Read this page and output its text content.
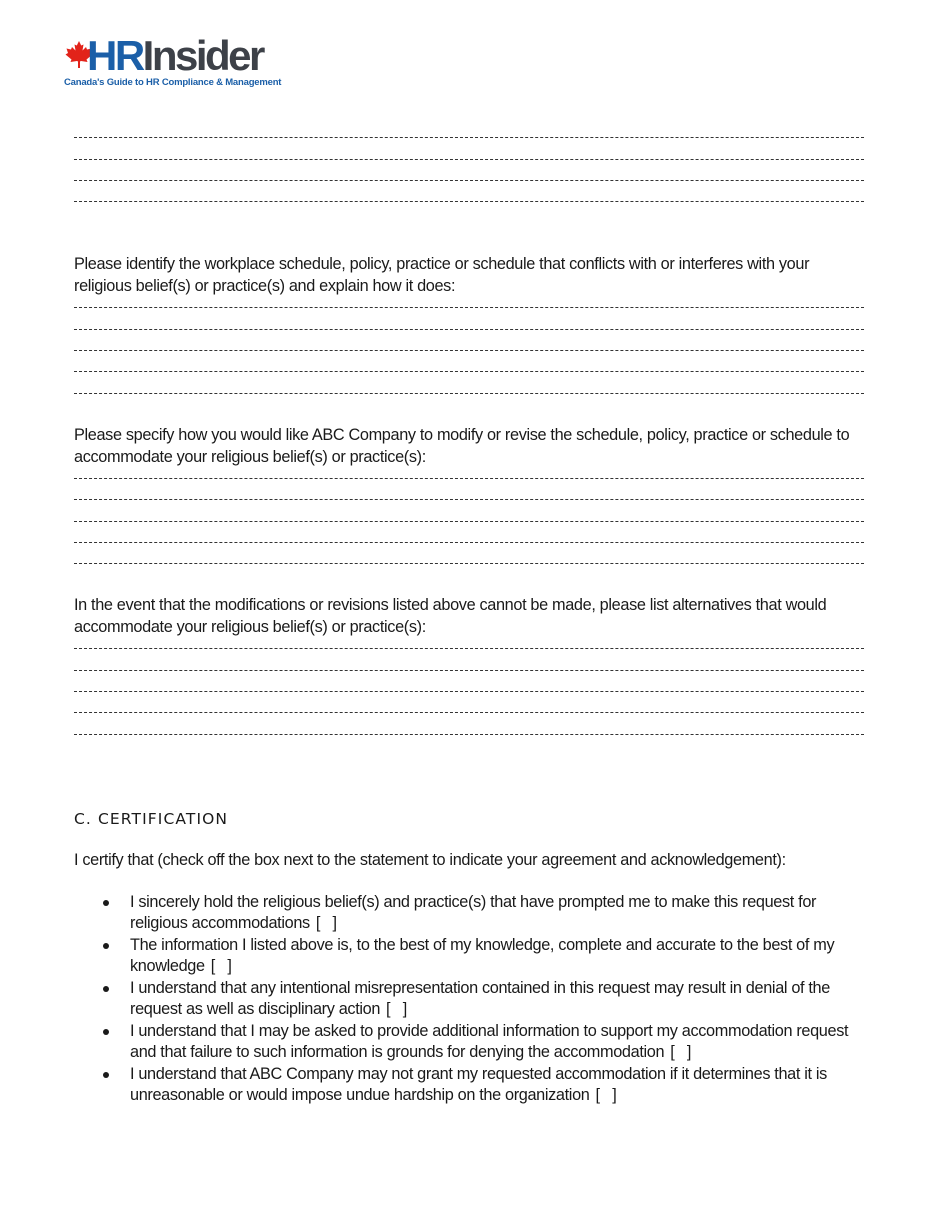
HRInsider
Canada's Guide to HR Compliance & Management

Please identify the workplace schedule, policy, practice or schedule that conflicts with or interferes with your religious belief(s) or practice(s) and explain how it does:

Please specify how you would like ABC Company to modify or revise the schedule, policy, practice or schedule to accommodate your religious belief(s) or practice(s):

In the event that the modifications or revisions listed above cannot be made, please list alternatives that would accommodate your religious belief(s) or practice(s):

C. CERTIFICATION

I certify that (check off the box next to the statement to indicate your agreement and acknowledgement):

I sincerely hold the religious belief(s) and practice(s) that have prompted me to make this request for religious accommodations [   ]
The information I listed above is, to the best of my knowledge, complete and accurate to the best of my knowledge [   ]
I understand that any intentional misrepresentation contained in this request may result in denial of the request as well as disciplinary action [   ]
I understand that I may be asked to provide additional information to support my accommodation request and that failure to such information is grounds for denying the accommodation [   ]
I understand that ABC Company may not grant my requested accommodation if it determines that it is unreasonable or would impose undue hardship on the organization [   ]
